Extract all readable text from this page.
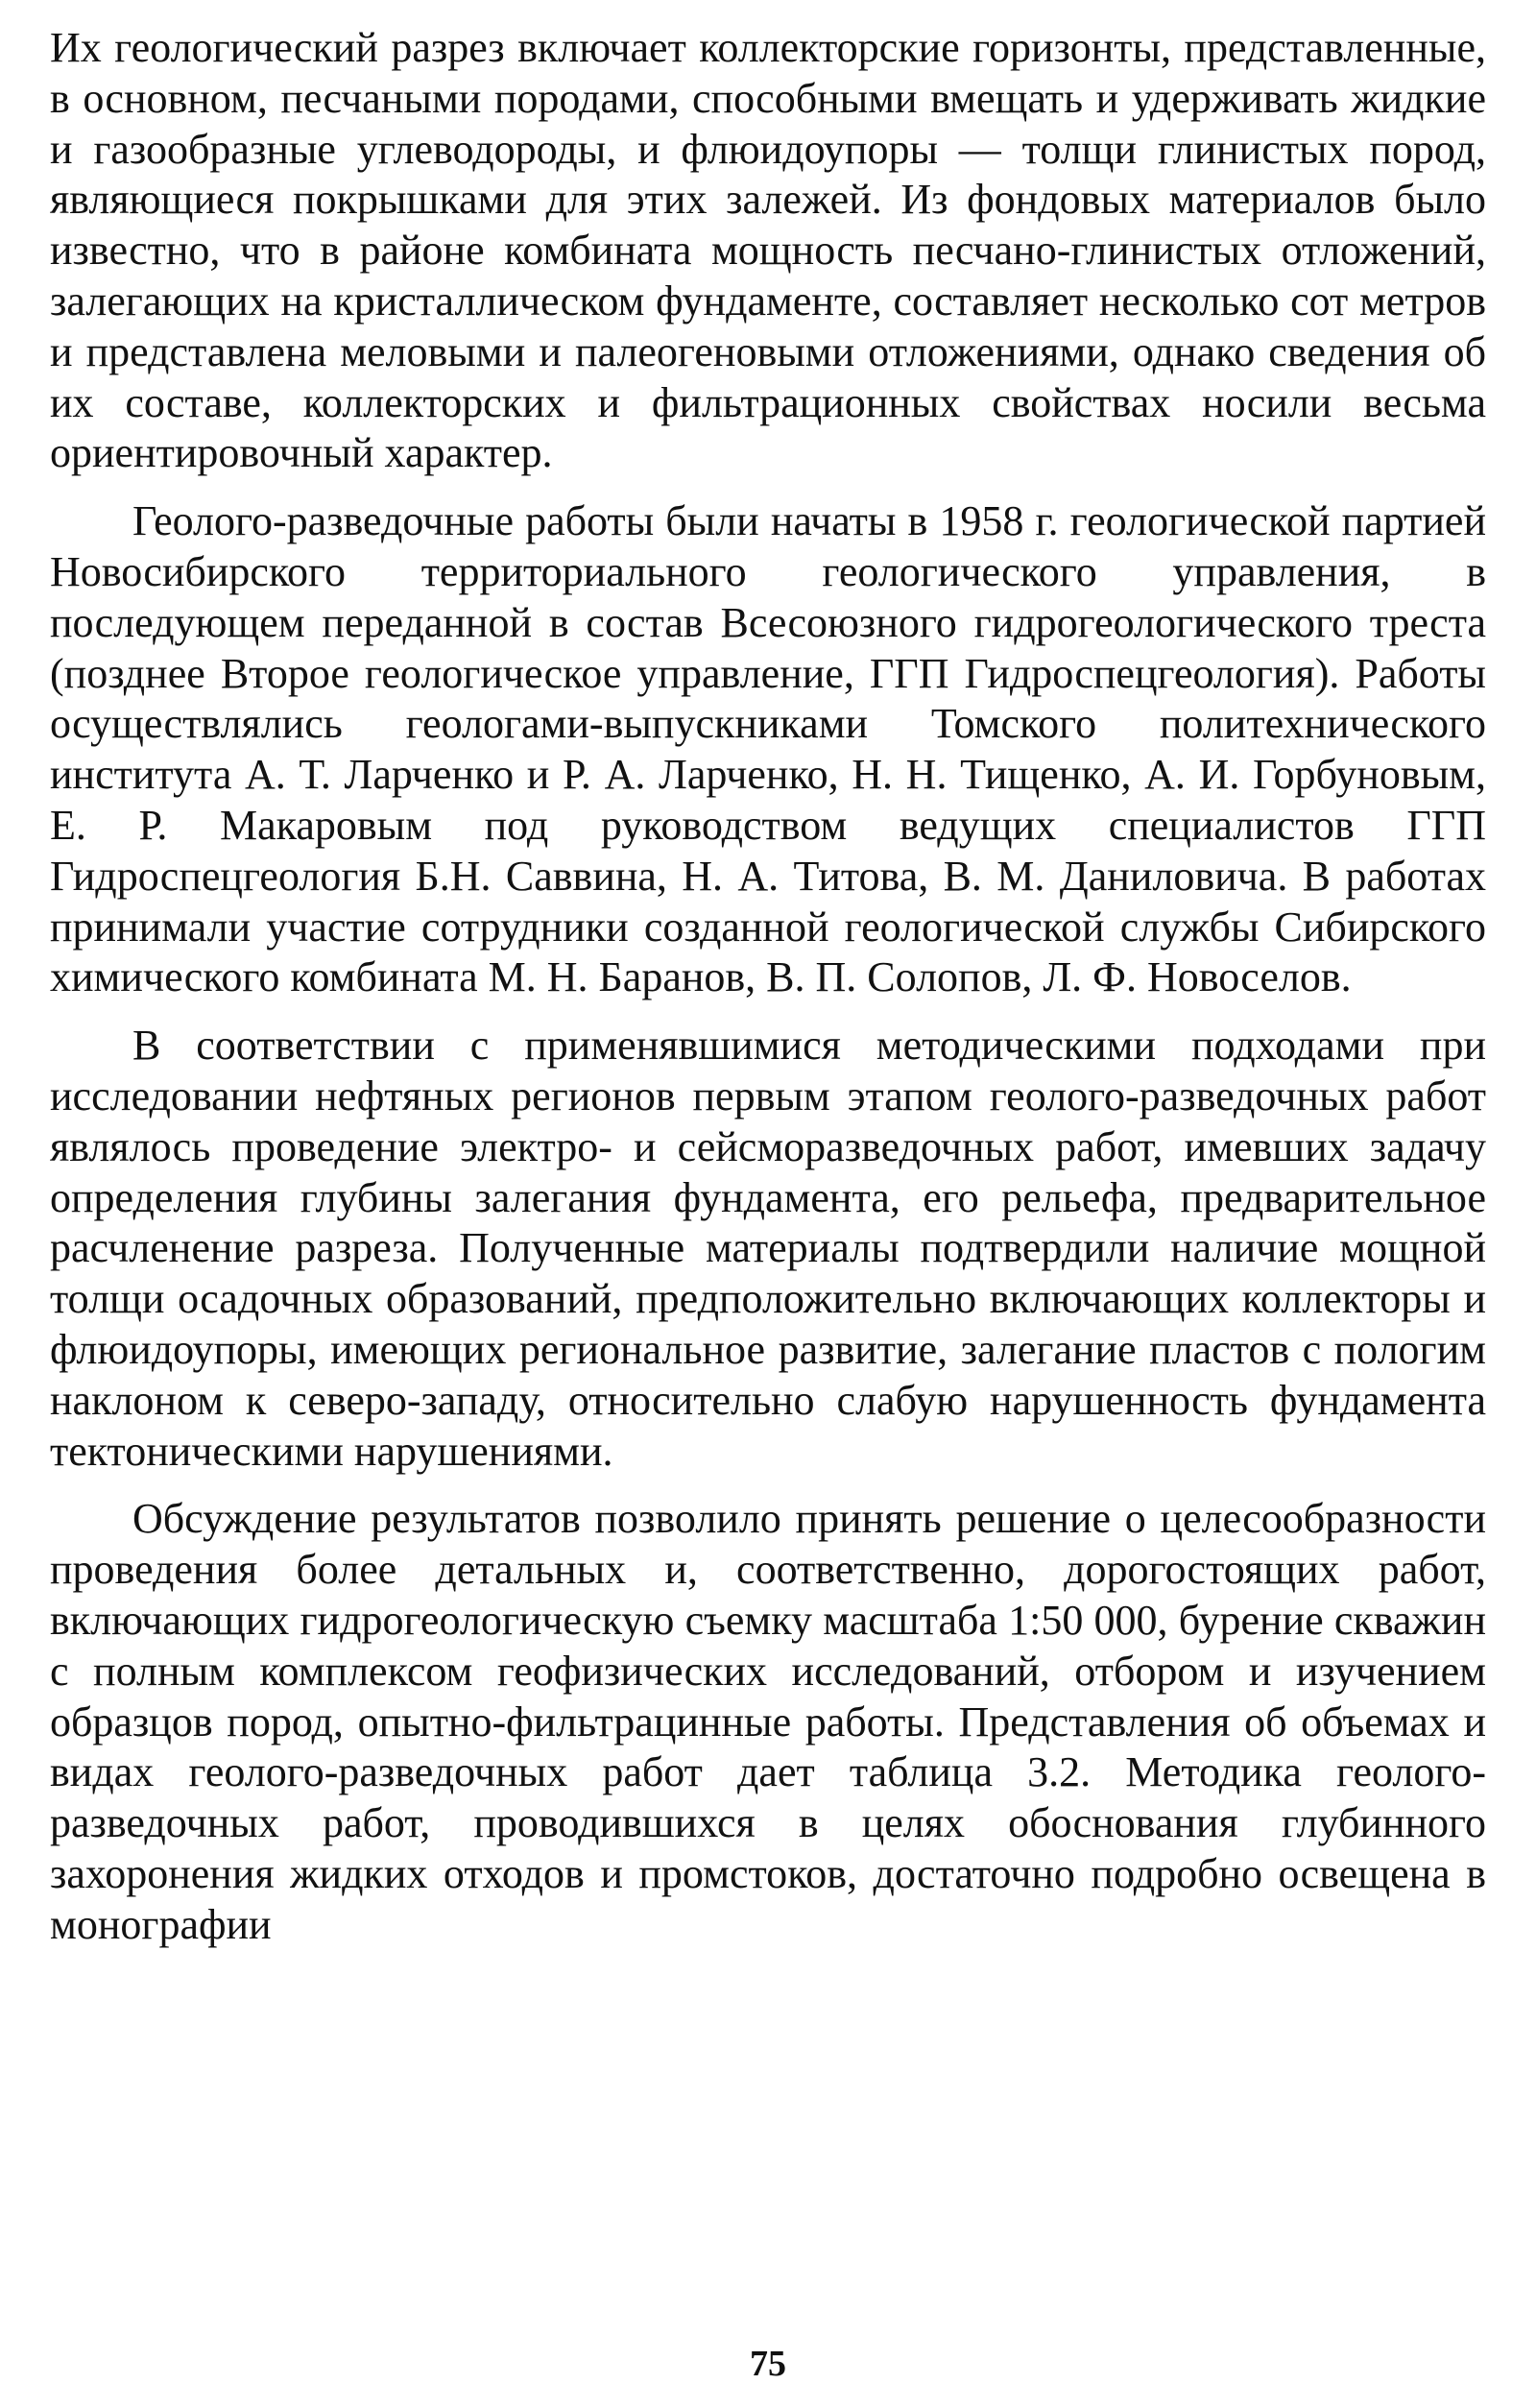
Их геологический разрез включает коллекторские горизонты, представленные, в основном, песчаными породами, способными вмещать и удерживать жидкие и газообразные углеводороды, и флюидоупоры — толщи глинистых пород, являющиеся покрышками для этих залежей. Из фондовых материалов было известно, что в районе комбината мощность песчано-глинистых отложений, залегающих на кристаллическом фундаменте, составляет несколько сот метров и представлена меловыми и палеогеновыми отложениями, однако сведения об их составе, коллекторских и фильтрационных свойствах носили весьма ориентировочный характер.

Геолого-разведочные работы были начаты в 1958 г. геологической партией Новосибирского территориального геологического управления, в последующем переданной в состав Всесоюзного гидрогеологического треста (позднее Второе геологическое управление, ГГП Гидроспецгеология). Работы осуществлялись геологами-выпускниками Томского политехнического института А. Т. Ларченко и Р. А. Ларченко, Н. Н. Тищенко, А. И. Горбуновым, Е. Р. Макаровым под руководством ведущих специалистов ГГП Гидроспецгеология Б.Н. Саввина, Н. А. Титова, В. М. Даниловича. В работах принимали участие сотрудники созданной геологической службы Сибирского химического комбината М. Н. Баранов, В. П. Солопов, Л. Ф. Новоселов.

В соответствии с применявшимися методическими подходами при исследовании нефтяных регионов первым этапом геолого-разведочных работ являлось проведение электро- и сейсморазведочных работ, имевших задачу определения глубины залегания фундамента, его рельефа, предварительное расчленение разреза. Полученные материалы подтвердили наличие мощной толщи осадочных образований, предположительно включающих коллекторы и флюидоупоры, имеющих региональное развитие, залегание пластов с пологим наклоном к северо-западу, относительно слабую нарушенность фундамента тектоническими нарушениями.

Обсуждение результатов позволило принять решение о целесообразности проведения более детальных и, соответственно, дорогостоящих работ, включающих гидрогеологическую съемку масштаба 1:50 000, бурение скважин с полным комплексом геофизических исследований, отбором и изучением образцов пород, опытно-фильтрацинные работы. Представления об объемах и видах геолого-разведочных работ дает таблица 3.2. Методика геолого-разведочных работ, проводившихся в целях обоснования глубинного захоронения жидких отходов и промстоков, достаточно подробно освещена в монографии

75
